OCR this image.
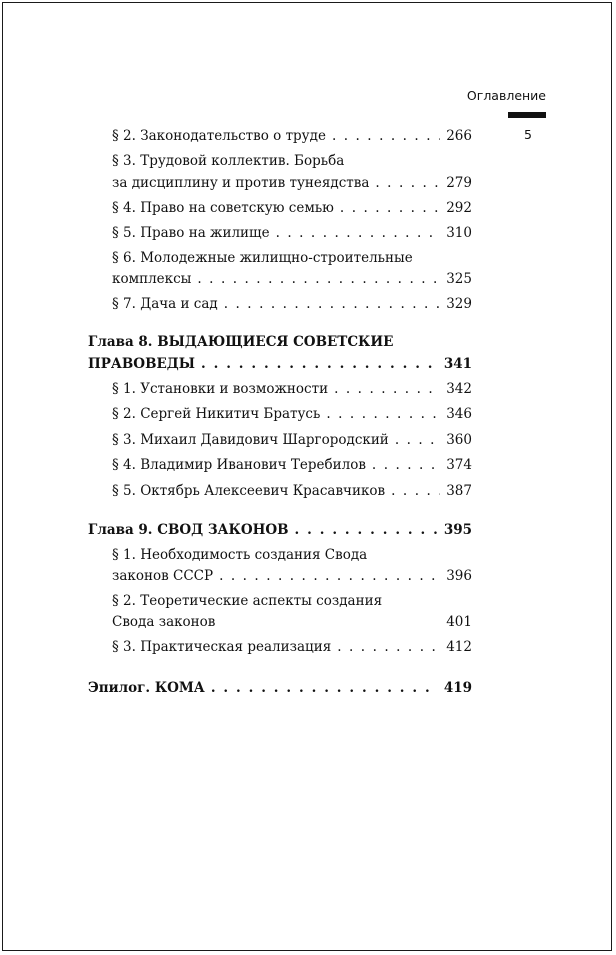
Оглавление
5
§ 2. Законодательство о труде . . .	266
§ 3. Трудовой коллектив. Борьба
за дисциплину и против тунеядства . . .	279
§ 4. Право на советскую семью . . .	292
§ 5. Право на жилище . . .	310
§ 6. Молодежные жилищно-строительные
комплексы . . .	325
§ 7. Дача и сад . . .	329
Глава 8. ВЫДАЮЩИЕСЯ СОВЕТСКИЕ
ПРАВОВЕДЫ . . .	341
§ 1. Установки и возможности . . .	342
§ 2. Сергей Никитич Братусь . . .	346
§ 3. Михаил Давидович Шаргородский . . .	360
§ 4. Владимир Иванович Теребилов . . .	374
§ 5. Октябрь Алексеевич Красавчиков . . .	387
Глава 9. СВОД ЗАКОНОВ . . .	395
§ 1. Необходимость создания Свода
законов СССР . . .	396
§ 2. Теоретические аспекты создания
Свода законов	401
§ 3. Практическая реализация . . .	412
Эпилог. КОМА . . .	419
